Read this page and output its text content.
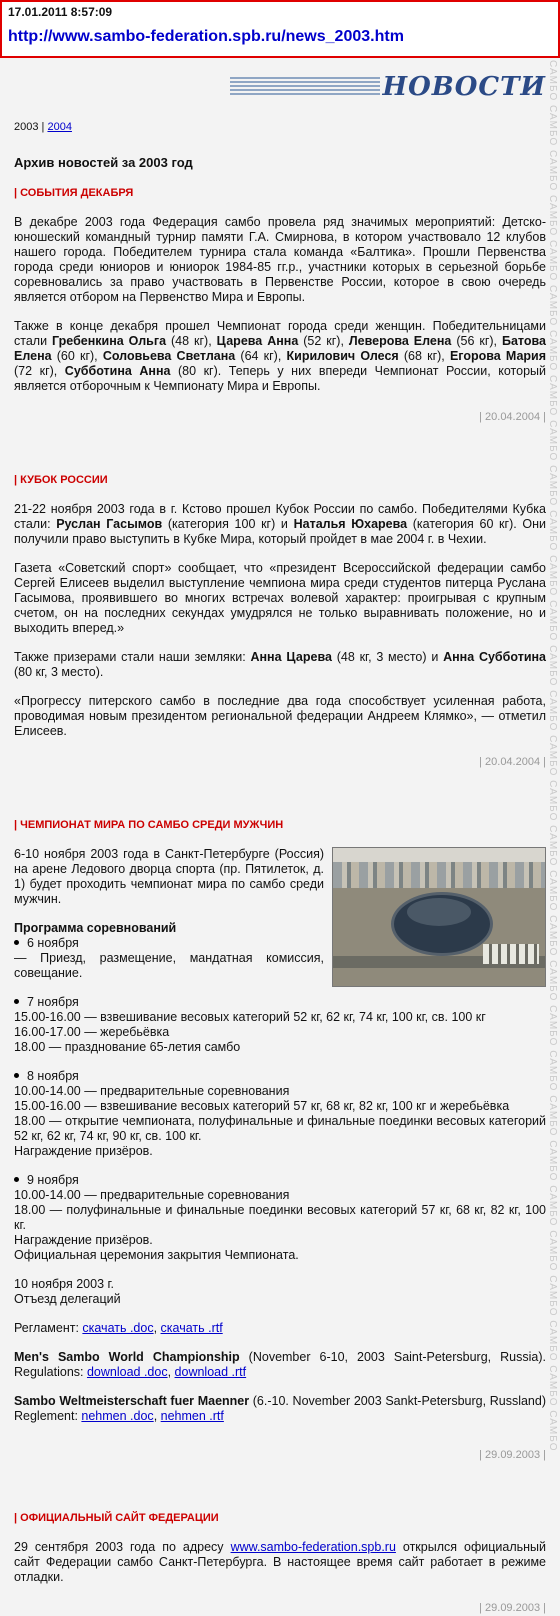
17.01.2011 8:57:09
http://www.sambo-federation.spb.ru/news_2003.htm
САМБО САМБО САМБО САМБО САМБО САМБО САМБО САМБО САМБО САМБО САМБО САМБО САМБО САМБО САМБО САМБО САМБО САМБО САМБО САМБО САМБО САМБО САМБО САМБО САМБО САМБО САМБО САМБО САМБО САМБО САМБО
НОВОСТИ
2003 | 2004
Архив новостей за 2003 год
| СОБЫТИЯ ДЕКАБРЯ

В декабре 2003 года Федерация самбо провела ряд значимых мероприятий: Детско-юношеский командный турнир памяти Г.А. Смирнова, в котором участвовало 12 клубов нашего города. Победителем турнира стала команда «Балтика». Прошли Первенства города среди юниоров и юниорок 1984-85 гг.р., участники которых в серьезной борьбе соревновались за право участвовать в Первенстве России, которое в свою очередь является отбором на Первенство Мира и Европы.

Также в конце декабря прошел Чемпионат города среди женщин. Победительницами стали Гребенкина Ольга (48 кг), Царева Анна (52 кг), Леверова Елена (56 кг), Батова Елена (60 кг), Соловьева Светлана (64 кг), Кирилович Олеся (68 кг), Егорова Мария (72 кг), Субботина Анна (80 кг). Теперь у них впереди Чемпионат России, который является отборочным к Чемпионату Мира и Европы.

| 20.04.2004 |
| КУБОК РОССИИ

21-22 ноября 2003 года в г. Кстово прошел Кубок России по самбо. Победителями Кубка стали: Руслан Гасымов (категория 100 кг) и Наталья Юхарева (категория 60 кг). Они получили право выступить в Кубке Мира, который пройдет в мае 2004 г. в Чехии.

Газета «Советский спорт» сообщает, что «президент Всероссийской федерации самбо Сергей Елисеев выделил выступление чемпиона мира среди студентов питерца Руслана Гасымова, проявившего во многих встречах волевой характер: проигрывая с крупным счетом, он на последних секундах умудрялся не только выравнивать положение, но и выходить вперед.»

Также призерами стали наши земляки: Анна Царева (48 кг, 3 место) и Анна Субботина (80 кг, 3 место).

«Прогрессу питерского самбо в последние два года способствует усиленная работа, проводимая новым президентом региональной федерации Андреем Клямко», — отметил Елисеев.

| 20.04.2004 |
| ЧЕМПИОНАТ МИРА ПО САМБО СРЕДИ МУЖЧИН
6-10 ноября 2003 года в Санкт-Петербурге (Россия) на арене Ледового дворца спорта (пр. Пятилеток, д. 1) будет проходить чемпионат мира по самбо среди мужчин.
Программа соревнований
6 ноября
— Приезд, размещение, мандатная комиссия, совещание.
7 ноября
15.00-16.00 — взвешивание весовых категорий 52 кг, 62 кг, 74 кг, 100 кг, св. 100 кг
16.00-17.00 — жеребьёвка
18.00 — празднование 65-летия самбо
8 ноября
10.00-14.00 — предварительные соревнования
15.00-16.00 — взвешивание весовых категорий 57 кг, 68 кг, 82 кг, 100 кг и жеребьёвка
18.00 — открытие чемпионата, полуфинальные и финальные поединки весовых категорий 52 кг, 62 кг, 74 кг, 90 кг, св. 100 кг.
Награждение призёров.
9 ноября
10.00-14.00 — предварительные соревнования
18.00 — полуфинальные и финальные поединки весовых категорий 57 кг, 68 кг, 82 кг, 100 кг.
Награждение призёров.
Официальная церемония закрытия Чемпионата.
10 ноября 2003 г.
Отъезд делегаций
Регламент: скачать .doc, скачать .rtf
Men's Sambo World Championship (November 6-10, 2003 Saint-Petersburg, Russia). Regulations: download .doc, download .rtf
Sambo Weltmeisterschaft fuer Maenner (6.-10. November 2003 Sankt-Petersburg, Russland) Reglement: nehmen .doc, nehmen .rtf
| 29.09.2003 |
| ОФИЦИАЛЬНЫЙ САЙТ ФЕДЕРАЦИИ

29 сентября 2003 года по адресу www.sambo-federation.spb.ru открылся официальный сайт Федерации самбо Санкт-Петербурга. В настоящее время сайт работает в режиме отладки.

| 29.09.2003 |
